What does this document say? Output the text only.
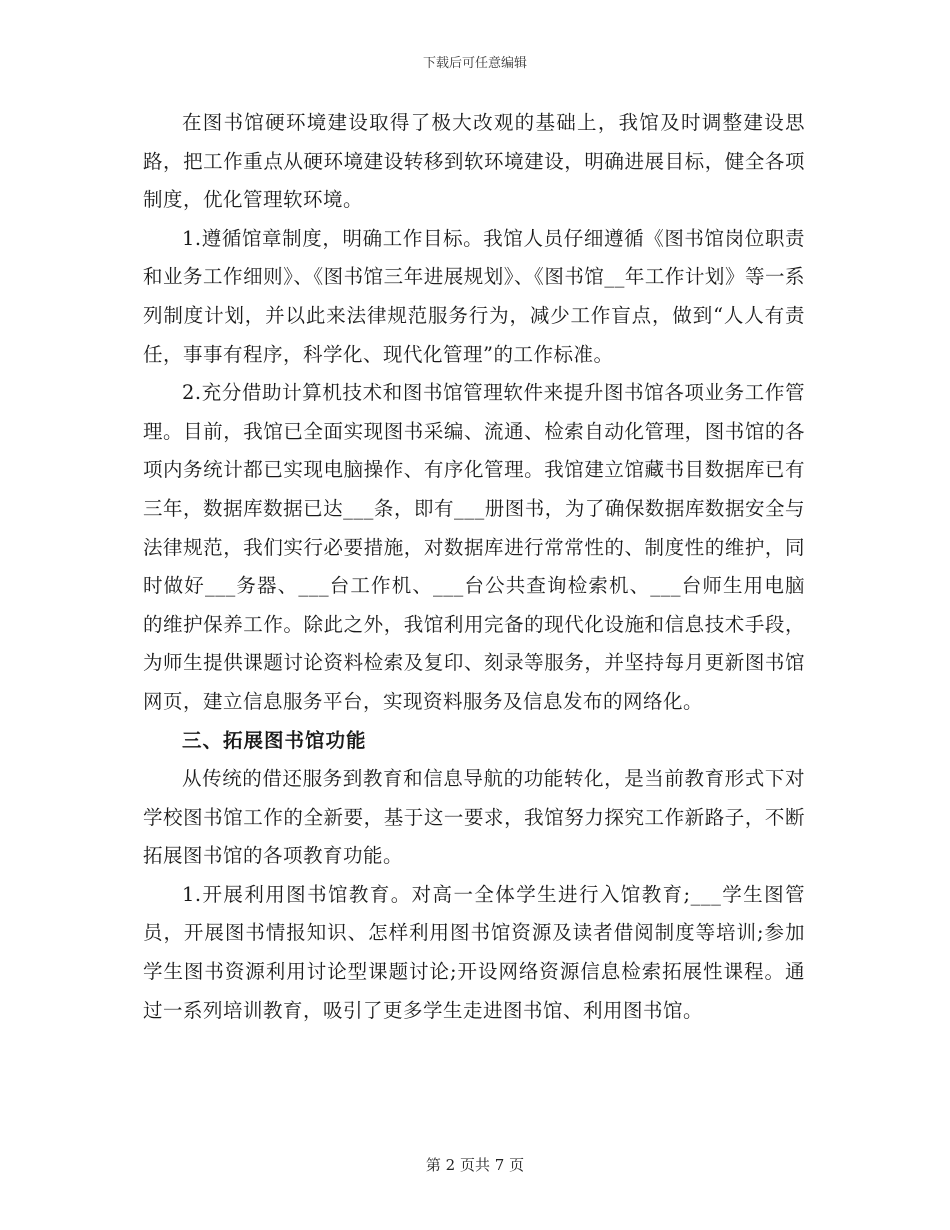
下载后可任意编辑

在图书馆硬环境建设取得了极大改观的基础上，我馆及时调整建设思路，把工作重点从硬环境建设转移到软环境建设，明确进展目标，健全各项制度，优化管理软环境。

1.遵循馆章制度，明确工作目标。我馆人员仔细遵循《图书馆岗位职责和业务工作细则》、《图书馆三年进展规划》、《图书馆__年工作计划》等一系列制度计划，并以此来法律规范服务行为，减少工作盲点，做到“人人有责任，事事有程序，科学化、现代化管理”的工作标准。

2.充分借助计算机技术和图书馆管理软件来提升图书馆各项业务工作管理。目前，我馆已全面实现图书采编、流通、检索自动化管理，图书馆的各项内务统计都已实现电脑操作、有序化管理。我馆建立馆藏书目数据库已有三年，数据库数据已达___条，即有___册图书，为了确保数据库数据安全与法律规范，我们实行必要措施，对数据库进行常常性的、制度性的维护，同时做好___务器、___台工作机、___台公共查询检索机、___台师生用电脑的维护保养工作。除此之外，我馆利用完备的现代化设施和信息技术手段，为师生提供课题讨论资料检索及复印、刻录等服务，并坚持每月更新图书馆网页，建立信息服务平台，实现资料服务及信息发布的网络化。

三、拓展图书馆功能

从传统的借还服务到教育和信息导航的功能转化，是当前教育形式下对学校图书馆工作的全新要，基于这一要求，我馆努力探究工作新路子，不断拓展图书馆的各项教育功能。

1.开展利用图书馆教育。对高一全体学生进行入馆教育;___学生图管员，开展图书情报知识、怎样利用图书馆资源及读者借阅制度等培训;参加学生图书资源利用讨论型课题讨论;开设网络资源信息检索拓展性课程。通过一系列培训教育，吸引了更多学生走进图书馆、利用图书馆。

第 2 页共 7 页
